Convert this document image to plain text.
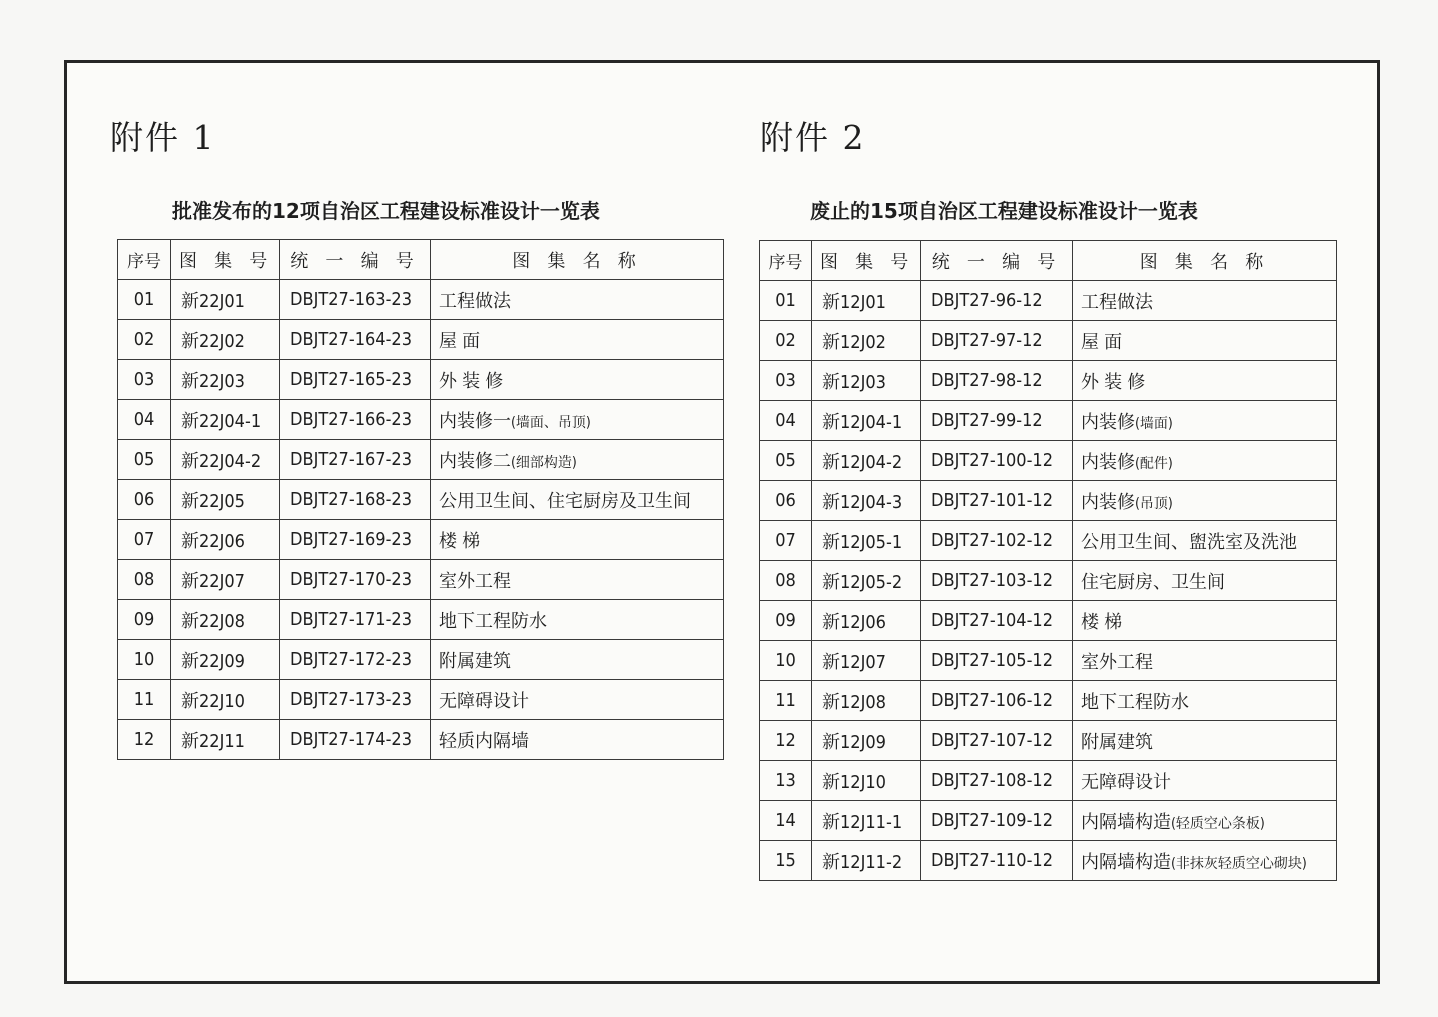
附件 1
批准发布的12项自治区工程建设标准设计一览表
序号	图 集 号	统 一 编 号	图 集 名 称
01	新22J01	DBJT27-163-23	工程做法
02	新22J02	DBJT27-164-23	屋 面
03	新22J03	DBJT27-165-23	外 装 修
04	新22J04-1	DBJT27-166-23	内装修一(墙面、吊顶)
05	新22J04-2	DBJT27-167-23	内装修二(细部构造)
06	新22J05	DBJT27-168-23	公用卫生间、住宅厨房及卫生间
07	新22J06	DBJT27-169-23	楼 梯
08	新22J07	DBJT27-170-23	室外工程
09	新22J08	DBJT27-171-23	地下工程防水
10	新22J09	DBJT27-172-23	附属建筑
11	新22J10	DBJT27-173-23	无障碍设计
12	新22J11	DBJT27-174-23	轻质内隔墙
附件 2
废止的15项自治区工程建设标准设计一览表
序号	图 集 号	统 一 编 号	图 集 名 称
01	新12J01	DBJT27-96-12	工程做法
02	新12J02	DBJT27-97-12	屋 面
03	新12J03	DBJT27-98-12	外 装 修
04	新12J04-1	DBJT27-99-12	内装修(墙面)
05	新12J04-2	DBJT27-100-12	内装修(配件)
06	新12J04-3	DBJT27-101-12	内装修(吊顶)
07	新12J05-1	DBJT27-102-12	公用卫生间、盥洗室及洗池
08	新12J05-2	DBJT27-103-12	住宅厨房、卫生间
09	新12J06	DBJT27-104-12	楼 梯
10	新12J07	DBJT27-105-12	室外工程
11	新12J08	DBJT27-106-12	地下工程防水
12	新12J09	DBJT27-107-12	附属建筑
13	新12J10	DBJT27-108-12	无障碍设计
14	新12J11-1	DBJT27-109-12	内隔墙构造(轻质空心条板)
15	新12J11-2	DBJT27-110-12	内隔墙构造(非抹灰轻质空心砌块)
